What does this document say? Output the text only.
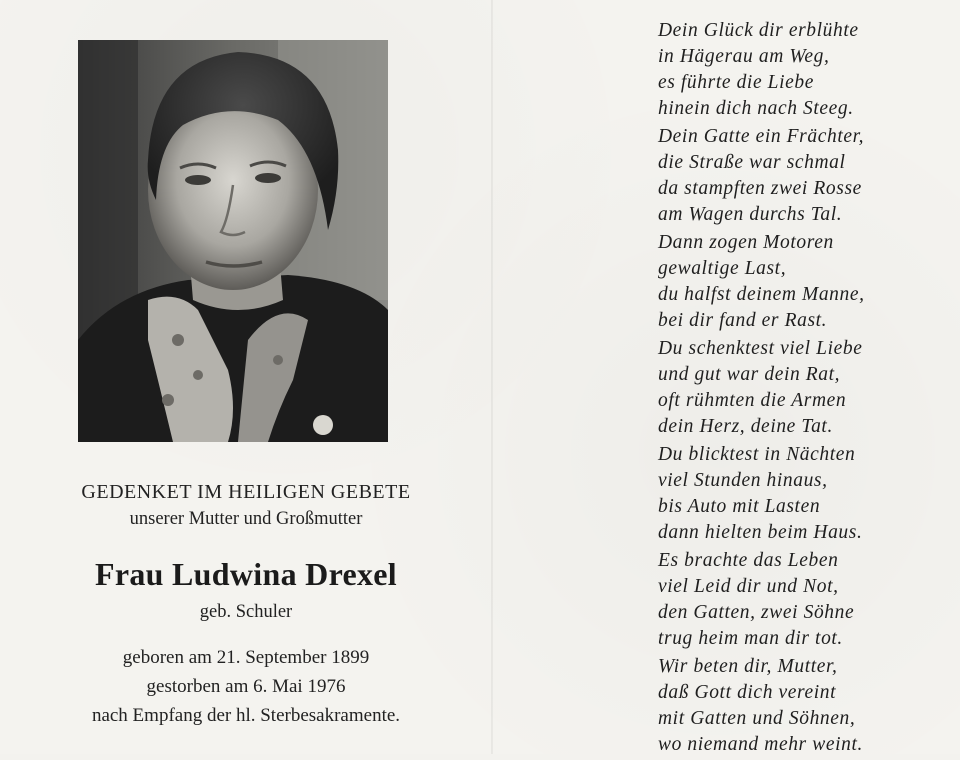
GEDENKET IM HEILIGEN GEBETE
unserer Mutter und Großmutter
Frau Ludwina Drexel
geb. Schuler
geboren am 21. September 1899
gestorben am 6. Mai 1976
nach Empfang der hl. Sterbesakramente.
Dein Glück dir erblühte
in Hägerau am Weg,
es führte die Liebe
hinein dich nach Steeg.
Dein Gatte ein Frächter,
die Straße war schmal
da stampften zwei Rosse
am Wagen durchs Tal.
Dann zogen Motoren
gewaltige Last,
du halfst deinem Manne,
bei dir fand er Rast.
Du schenktest viel Liebe
und gut war dein Rat,
oft rühmten die Armen
dein Herz, deine Tat.
Du blicktest in Nächten
viel Stunden hinaus,
bis Auto mit Lasten
dann hielten beim Haus.
Es brachte das Leben
viel Leid dir und Not,
den Gatten, zwei Söhne
trug heim man dir tot.
Wir beten dir, Mutter,
daß Gott dich vereint
mit Gatten und Söhnen,
wo niemand mehr weint.
